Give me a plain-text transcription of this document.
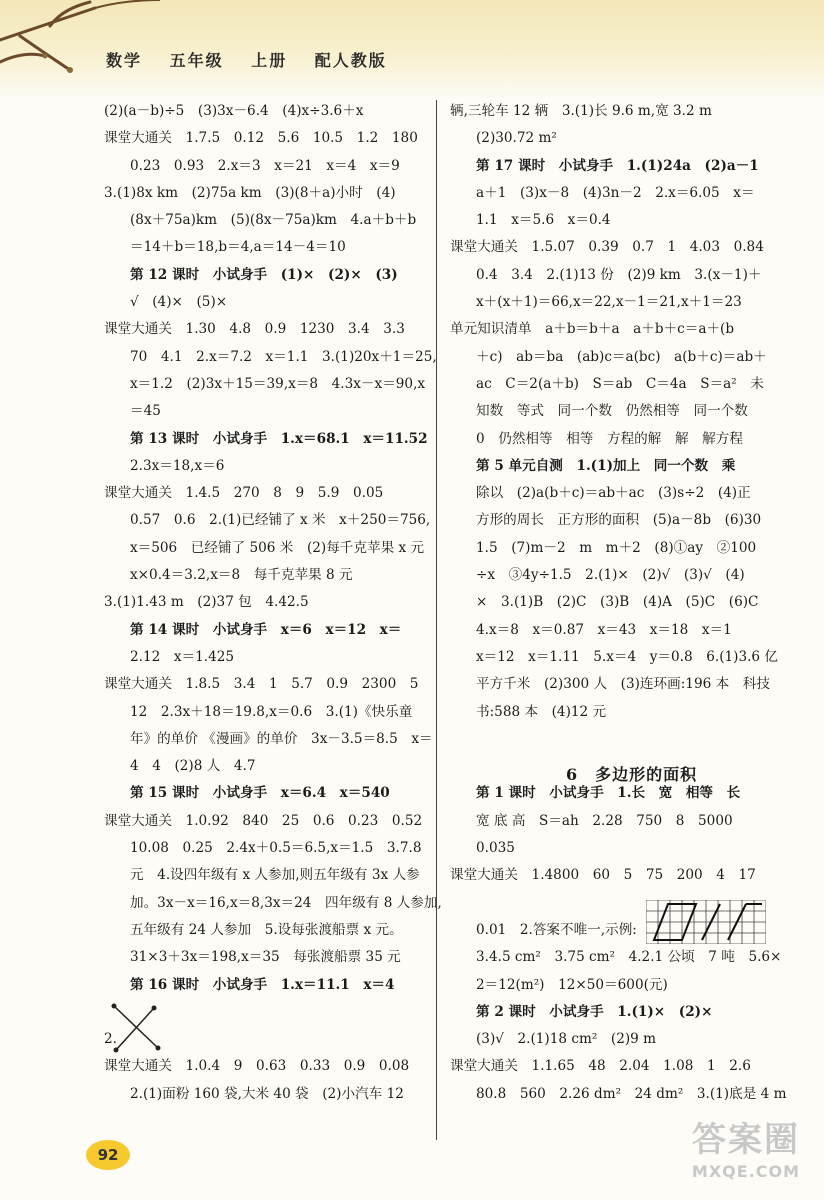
数学 五年级 上册 配人教版
(2)(a－b)÷5　(3)3x－6.4　(4)x÷3.6＋x
课堂大通关　1.7.5　0.12　5.6　10.5　1.2　180
0.23　0.93　2.x＝3　x＝21　x＝4　x＝9
3.(1)8x km　(2)75a km　(3)(8＋a)小时　(4)
(8x＋75a)km　(5)(8x－75a)km　4.a＋b＋b
＝14＋b＝18,b＝4,a＝14－4＝10
第 12 课时　小试身手　(1)×　(2)×　(3)
√　(4)×　(5)×
课堂大通关　1.30　4.8　0.9　1230　3.4　3.3
70　4.1　2.x＝7.2　x＝1.1　3.(1)20x＋1＝25,
x＝1.2　(2)3x＋15＝39,x＝8　4.3x－x＝90,x
＝45
第 13 课时　小试身手　1.x＝68.1　x＝11.52
2.3x＝18,x＝6
课堂大通关　1.4.5　270　8　9　5.9　0.05
0.57　0.6　2.(1)已经铺了 x 米　x＋250＝756,
x＝506　已经铺了 506 米　(2)每千克苹果 x 元
x×0.4＝3.2,x＝8　每千克苹果 8 元
3.(1)1.43 m　(2)37 包　4.42.5
第 14 课时　小试身手　x＝6　x＝12　x＝
2.12　x＝1.425
课堂大通关　1.8.5　3.4　1　5.7　0.9　2300　5
12　2.3x＋18＝19.8,x＝0.6　3.(1)《快乐童
年》的单价 《漫画》的单价　3x－3.5＝8.5　x＝
4　4　(2)8 人　4.7
第 15 课时　小试身手　x＝6.4　x＝540
课堂大通关　1.0.92　840　25　0.6　0.23　0.52
10.08　0.25　2.4x＋0.5＝6.5,x＝1.5　3.7.8
元　4.设四年级有 x 人参加,则五年级有 3x 人参
加。3x－x＝16,x＝8,3x＝24　四年级有 8 人参加,
五年级有 24 人参加　5.设每张渡船票 x 元。
31×3＋3x＝198,x＝35　每张渡船票 35 元
第 16 课时　小试身手　1.x＝11.1　x＝4
2.
课堂大通关　1.0.4　9　0.63　0.33　0.9　0.08
2.(1)面粉 160 袋,大米 40 袋　(2)小汽车 12
辆,三轮车 12 辆　3.(1)长 9.6 m,宽 3.2 m
(2)30.72 m²
第 17 课时　小试身手　1.(1)24a　(2)a－1
a＋1　(3)x－8　(4)3n－2　2.x＝6.05　x＝
1.1　x＝5.6　x＝0.4
课堂大通关　1.5.07　0.39　0.7　1　4.03　0.84
0.4　3.4　2.(1)13 份　(2)9 km　3.(x－1)＋
x＋(x＋1)＝66,x＝22,x－1＝21,x＋1＝23
单元知识清单　a＋b＝b＋a　a＋b＋c＝a＋(b
＋c)　ab＝ba　(ab)c＝a(bc)　a(b＋c)＝ab＋
ac　C＝2(a＋b)　S＝ab　C＝4a　S＝a²　未
知数　等式　同一个数　仍然相等　同一个数
0　仍然相等　相等　方程的解　解　解方程
第 5 单元自测　1.(1)加上　同一个数　乘
除以　(2)a(b＋c)＝ab＋ac　(3)s÷2　(4)正
方形的周长　正方形的面积　(5)a－8b　(6)30
1.5　(7)m－2　m　m＋2　(8)①ay　②100
÷x　③4y÷1.5　2.(1)×　(2)√　(3)√　(4)
×　3.(1)B　(2)C　(3)B　(4)A　(5)C　(6)C
4.x＝8　x＝0.87　x＝43　x＝18　x＝1
x＝12　x＝1.11　5.x＝4　y＝0.8　6.(1)3.6 亿
平方千米　(2)300 人　(3)连环画:196 本　科技
书:588 本　(4)12 元
第 1 课时　小试身手　1.长　宽　相等　长
宽 底 高　S＝ah　2.28　750　8　5000
0.035
课堂大通关　1.4800　60　5　75　200　4　17
0.01　2.答案不唯一,示例:
3.4.5 cm²　3.75 cm²　4.2.1 公顷　7 吨　5.6×
2＝12(m²)　12×50＝600(元)
第 2 课时　小试身手　1.(1)×　(2)×
(3)√　2.(1)18 cm²　(2)9 m
课堂大通关　1.1.65　48　2.04　1.08　1　2.6
80.8　560　2.26 dm²　24 dm²　3.(1)底是 4 m
6　多边形的面积
92	答案圈
MXQE.COM
